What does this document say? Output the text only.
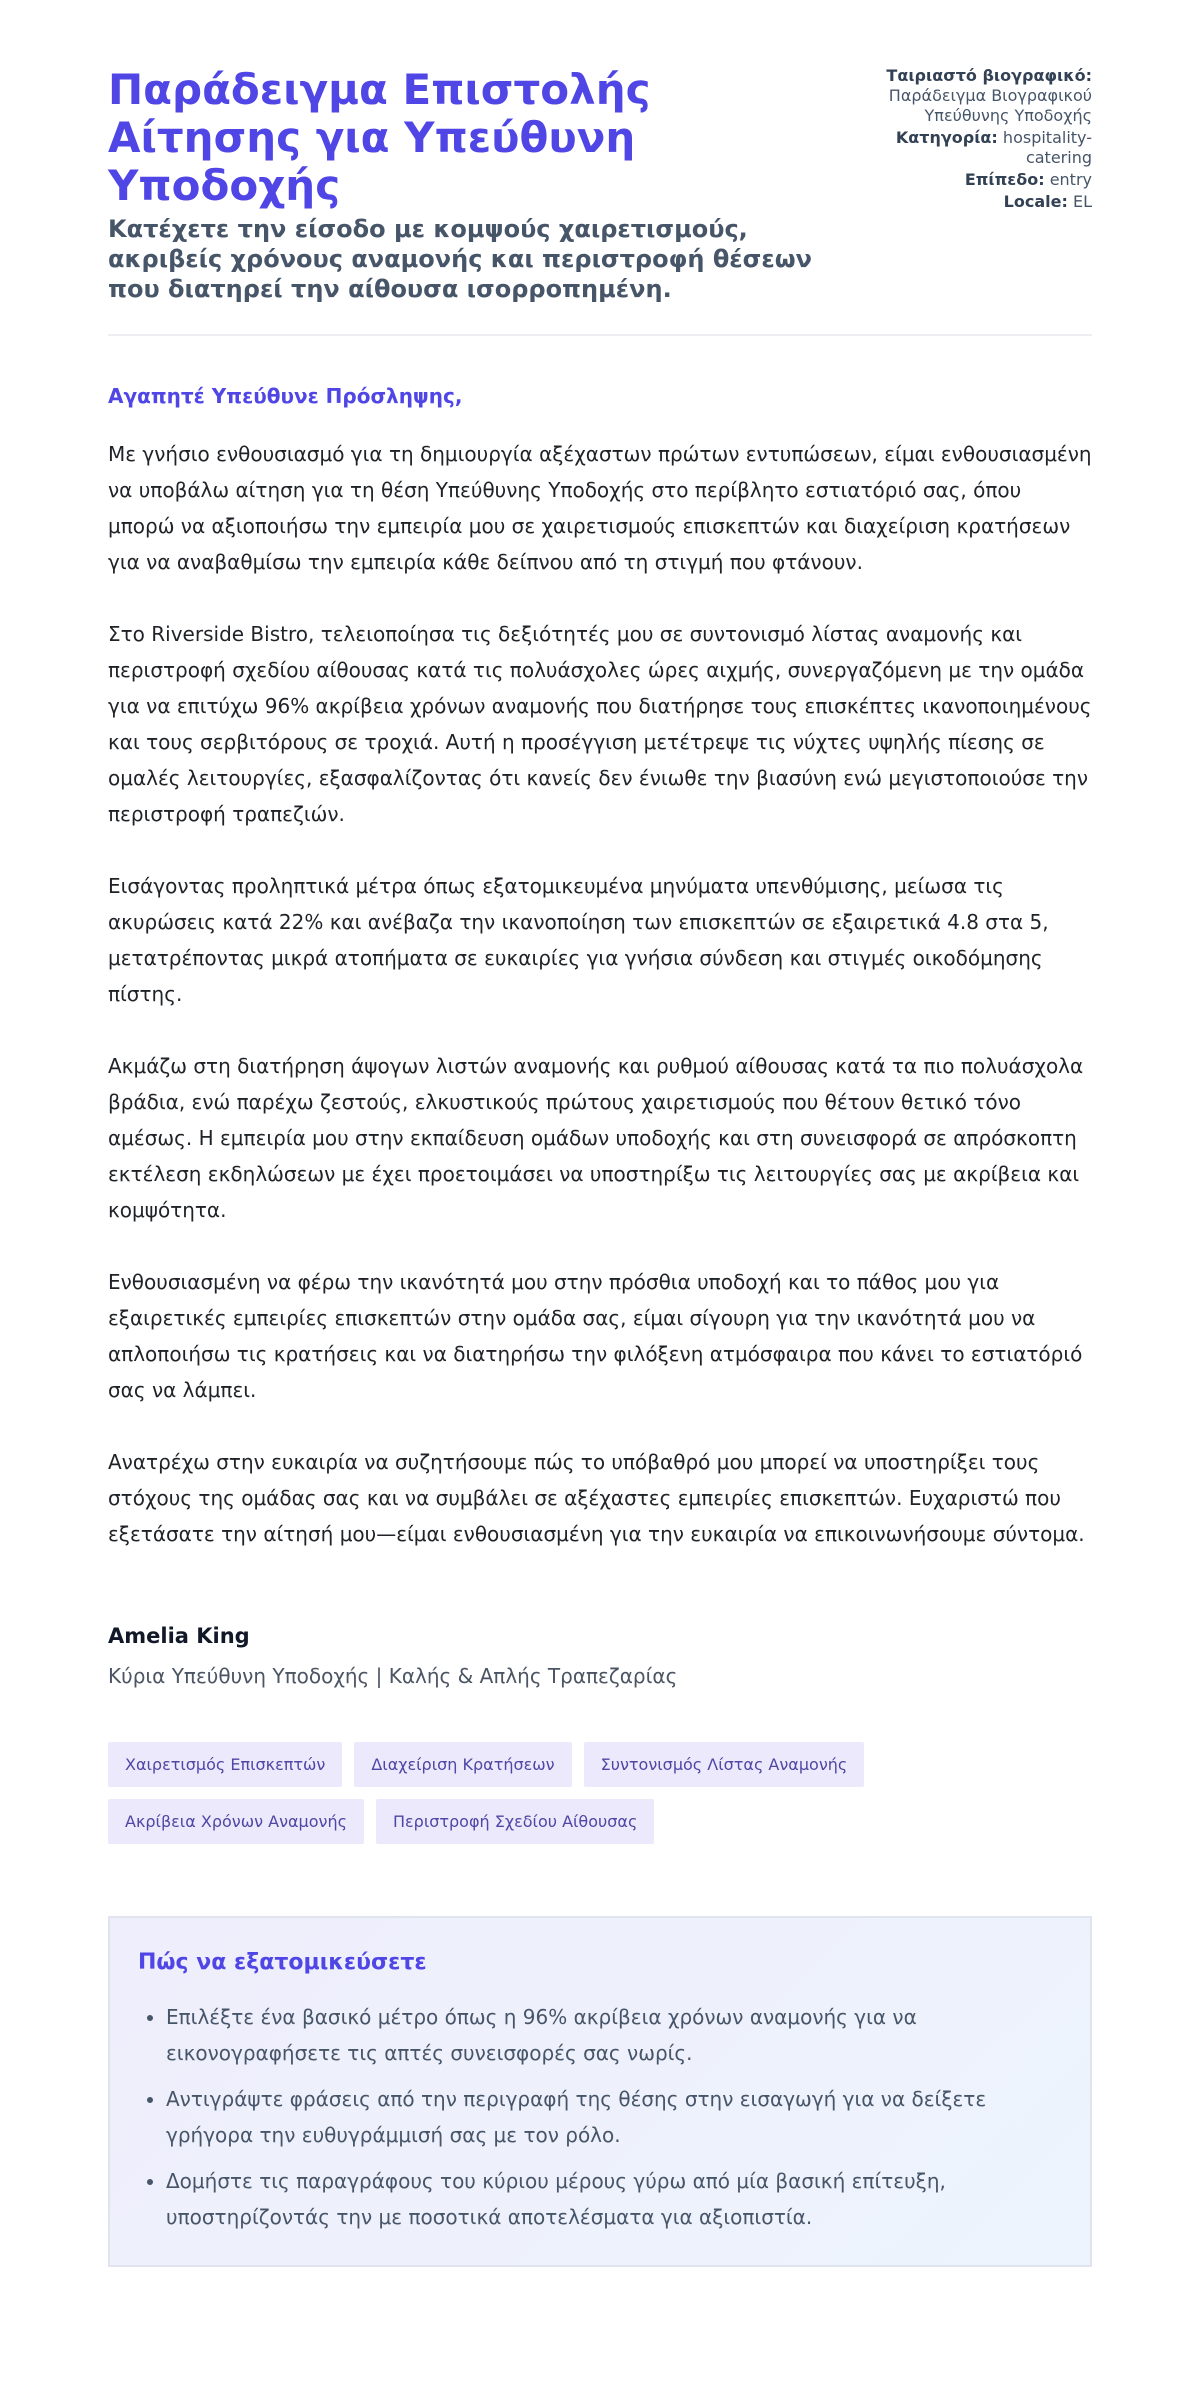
Παράδειγμα Επιστολής Αίτησης για Υπεύθυνη Υποδοχής
Κατέχετε την είσοδο με κομψούς χαιρετισμούς, ακριβείς χρόνους αναμονής και περιστροφή θέσεων που διατηρεί την αίθουσα ισορροπημένη.
Ταιριαστό βιογραφικό: Παράδειγμα Βιογραφικού Υπεύθυνης Υποδοχής
Κατηγορία: hospitality-catering
Επίπεδο: entry
Locale: EL

Αγαπητέ Υπεύθυνε Πρόσληψης,

Με γνήσιο ενθουσιασμό για τη δημιουργία αξέχαστων πρώτων εντυπώσεων, είμαι ενθουσιασμένη να υποβάλω αίτηση για τη θέση Υπεύθυνης Υποδοχής στο περίβλητο εστιατόριό σας, όπου μπορώ να αξιοποιήσω την εμπειρία μου σε χαιρετισμούς επισκεπτών και διαχείριση κρατήσεων για να αναβαθμίσω την εμπειρία κάθε δείπνου από τη στιγμή που φτάνουν.

Στο Riverside Bistro, τελειοποίησα τις δεξιότητές μου σε συντονισμό λίστας αναμονής και περιστροφή σχεδίου αίθουσας κατά τις πολυάσχολες ώρες αιχμής, συνεργαζόμενη με την ομάδα για να επιτύχω 96% ακρίβεια χρόνων αναμονής που διατήρησε τους επισκέπτες ικανοποιημένους και τους σερβιτόρους σε τροχιά. Αυτή η προσέγγιση μετέτρεψε τις νύχτες υψηλής πίεσης σε ομαλές λειτουργίες, εξασφαλίζοντας ότι κανείς δεν ένιωθε την βιασύνη ενώ μεγιστοποιούσε την περιστροφή τραπεζιών.

Εισάγοντας προληπτικά μέτρα όπως εξατομικευμένα μηνύματα υπενθύμισης, μείωσα τις ακυρώσεις κατά 22% και ανέβαζα την ικανοποίηση των επισκεπτών σε εξαιρετικά 4.8 στα 5, μετατρέποντας μικρά ατοπήματα σε ευκαιρίες για γνήσια σύνδεση και στιγμές οικοδόμησης πίστης.

Ακμάζω στη διατήρηση άψογων λιστών αναμονής και ρυθμού αίθουσας κατά τα πιο πολυάσχολα βράδια, ενώ παρέχω ζεστούς, ελκυστικούς πρώτους χαιρετισμούς που θέτουν θετικό τόνο αμέσως. Η εμπειρία μου στην εκπαίδευση ομάδων υποδοχής και στη συνεισφορά σε απρόσκοπτη εκτέλεση εκδηλώσεων με έχει προετοιμάσει να υποστηρίξω τις λειτουργίες σας με ακρίβεια και κομψότητα.

Ενθουσιασμένη να φέρω την ικανότητά μου στην πρόσθια υποδοχή και το πάθος μου για εξαιρετικές εμπειρίες επισκεπτών στην ομάδα σας, είμαι σίγουρη για την ικανότητά μου να απλοποιήσω τις κρατήσεις και να διατηρήσω την φιλόξενη ατμόσφαιρα που κάνει το εστιατόριό σας να λάμπει.

Ανατρέχω στην ευκαιρία να συζητήσουμε πώς το υπόβαθρό μου μπορεί να υποστηρίξει τους στόχους της ομάδας σας και να συμβάλει σε αξέχαστες εμπειρίες επισκεπτών. Ευχαριστώ που εξετάσατε την αίτησή μου—είμαι ενθουσιασμένη για την ευκαιρία να επικοινωνήσουμε σύντομα.

Amelia King
Κύρια Υπεύθυνη Υποδοχής | Καλής & Απλής Τραπεζαρίας
Χαιρετισμός Επισκεπτών	Διαχείριση Κρατήσεων	Συντονισμός Λίστας Αναμονής
Ακρίβεια Χρόνων Αναμονής	Περιστροφή Σχεδίου Αίθουσας
Πώς να εξατομικεύσετε
• Επιλέξτε ένα βασικό μέτρο όπως η 96% ακρίβεια χρόνων αναμονής για να εικονογραφήσετε τις απτές συνεισφορές σας νωρίς.
• Αντιγράψτε φράσεις από την περιγραφή της θέσης στην εισαγωγή για να δείξετε γρήγορα την ευθυγράμμισή σας με τον ρόλο.
• Δομήστε τις παραγράφους του κύριου μέρους γύρω από μία βασική επίτευξη, υποστηρίζοντάς την με ποσοτικά αποτελέσματα για αξιοπιστία.
